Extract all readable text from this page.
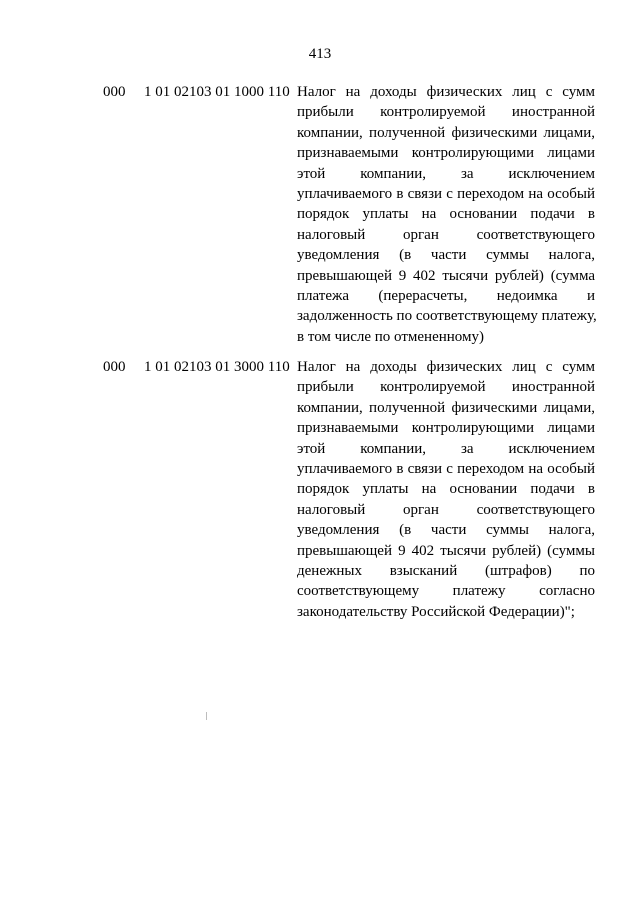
413
000 1 01 02103 01 1000 110 Налог на доходы физических лиц с сумм
прибыли контролируемой иностранной
компании, полученной физическими лицами,
признаваемыми контролирующими лицами
этой компании, за исключением
уплачиваемого в связи с переходом на особый
порядок уплаты на основании подачи в
налоговый орган соответствующего
уведомления (в части суммы налога,
превышающей 9 402 тысячи рублей) (сумма
платежа (перерасчеты, недоимка и
задолженность по соответствующему платежу,
в том числе по отмененному)
000 1 01 02103 01 3000 110 Налог на доходы физических лиц с сумм
прибыли контролируемой иностранной
компании, полученной физическими лицами,
признаваемыми контролирующими лицами
этой компании, за исключением
уплачиваемого в связи с переходом на особый
порядок уплаты на основании подачи в
налоговый орган соответствующего
уведомления (в части суммы налога,
превышающей 9 402 тысячи рублей) (суммы
денежных взысканий (штрафов) по
соответствующему платежу согласно
законодательству Российской Федерации)";
